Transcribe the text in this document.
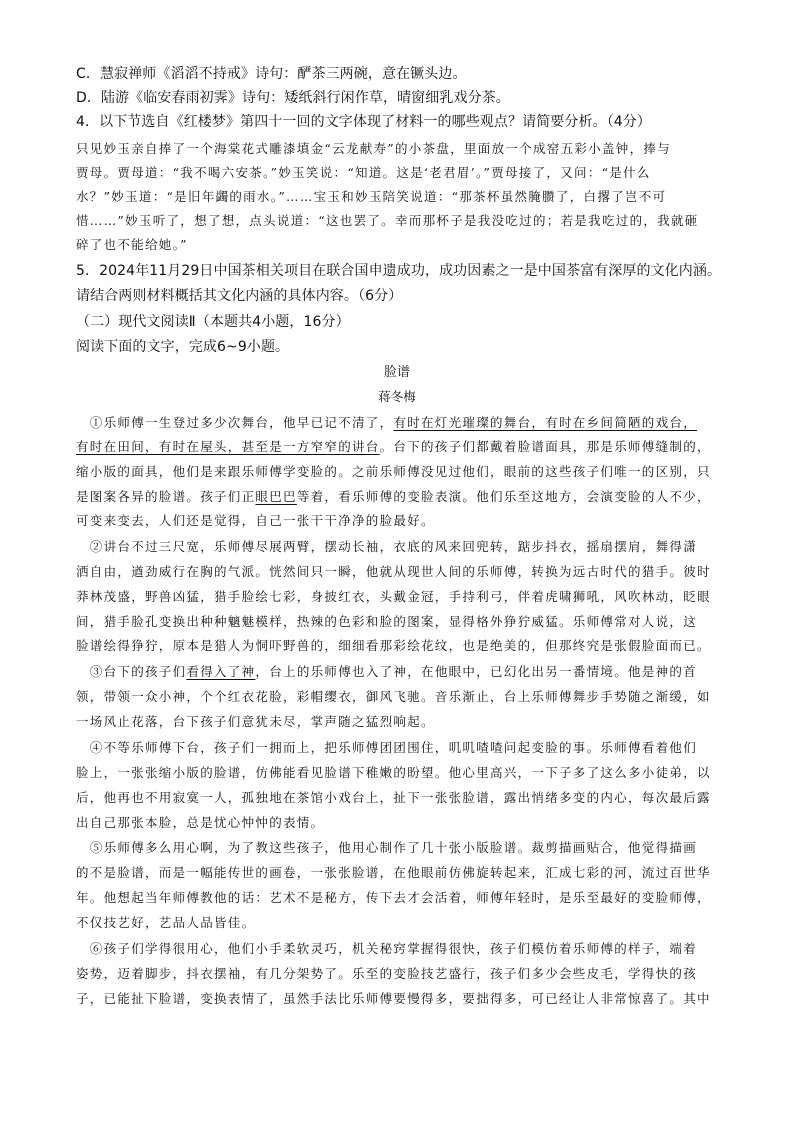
C．慧寂禅师《滔滔不持戒》诗句：酽茶三两碗，意在镢头边。
D．陆游《临安春雨初霁》诗句：矮纸斜行闲作草，晴窗细乳戏分茶。
4．以下节选自《红楼梦》第四十一回的文字体现了材料一的哪些观点？请简要分析。（4分）
只见妙玉亲自捧了一个海棠花式雕漆填金“云龙献寿”的小茶盘，里面放一个成窑五彩小盖钟，捧与
贾母。贾母道：“我不喝六安茶。”妙玉笑说：“知道。这是‘老君眉’。”贾母接了，又问：“是什么
水？”妙玉道：“是旧年蠲的雨水。”……宝玉和妙玉陪笑说道：“那茶杯虽然腌臜了，白撂了岂不可
惜……”妙玉听了，想了想，点头说道：“这也罢了。幸而那杯子是我没吃过的；若是我吃过的，我就砸
碎了也不能给她。”
5．2024年11月29日中国茶相关项目在联合国申遗成功，成功因素之一是中国茶富有深厚的文化内涵。
请结合两则材料概括其文化内涵的具体内容。（6分）
（二）现代文阅读Ⅱ（本题共4小题，16分）
阅读下面的文字，完成6~9小题。
脸谱
蒋冬梅
　①乐师傅一生登过多少次舞台，他早已记不清了，有时在灯光璀璨的舞台，有时在乡间简陋的戏台，
有时在田间，有时在屋头，甚至是一方窄窄的讲台。台下的孩子们都戴着脸谱面具，那是乐师傅缝制的，
缩小版的面具，他们是来跟乐师傅学变脸的。之前乐师傅没见过他们，眼前的这些孩子们唯一的区别，只
是图案各异的脸谱。孩子们正眼巴巴等着，看乐师傅的变脸表演。他们乐至这地方，会演变脸的人不少，
可变来变去，人们还是觉得，自己一张干干净净的脸最好。
　②讲台不过三尺宽，乐师傅尽展两臂，摆动长袖，衣底的风来回兜转，踮步抖衣，摇扇摆肩，舞得潇
洒自由，遒劲威行在胸的气派。恍然间只一瞬，他就从现世人间的乐师傅，转换为远古时代的猎手。彼时
莽林茂盛，野兽凶猛，猎手脸绘七彩，身披红衣，头戴金冠，手持利弓，伴着虎啸狮吼，风吹林动，眨眼
间，猎手脸孔变换出种种魑魅模样，热辣的色彩和脸的图案，显得格外狰狞威猛。乐师傅常对人说，这
脸谱绘得狰狞，原本是猎人为恫吓野兽的，细细看那彩绘花纹，也是绝美的，但那终究是张假脸面而已。
　③台下的孩子们看得入了神，台上的乐师傅也入了神，在他眼中，已幻化出另一番情境。他是神的首
领，带领一众小神，个个红衣花脸，彩帽缨衣，御风飞驰。音乐渐止，台上乐师傅舞步手势随之渐缓，如
一场风止花落，台下孩子们意犹未尽，掌声随之猛烈响起。
　④不等乐师傅下台，孩子们一拥而上，把乐师傅团团围住，叽叽喳喳问起变脸的事。乐师傅看着他们
脸上，一张张缩小版的脸谱，仿佛能看见脸谱下稚嫩的盼望。他心里高兴，一下子多了这么多小徒弟，以
后，他再也不用寂寞一人，孤独地在茶馆小戏台上，扯下一张张脸谱，露出悄绪多变的内心，每次最后露
出自己那张本脸，总是忧心忡忡的表情。
　⑤乐师傅多么用心啊，为了教这些孩子，他用心制作了几十张小版脸谱。裁剪描画贴合，他觉得描画
的不是脸谱，而是一幅能传世的画卷，一张张脸谱，在他眼前仿佛旋转起来，汇成七彩的河，流过百世华
年。他想起当年师傅教他的话：艺术不是秘方，传下去才会活着，师傅年轻时，是乐至最好的变脸师傅，
不仅技艺好，艺品人品皆佳。
　⑥孩子们学得很用心，他们小手柔软灵巧，机关秘窍掌握得很快，孩子们模仿着乐师傅的样子，端着
姿势，迈着脚步，抖衣摆袖，有几分架势了。乐至的变脸技艺盛行，孩子们多少会些皮毛，学得快的孩
子，已能扯下脸谱，变换表情了，虽然手法比乐师傅要慢得多，要拙得多，可已经让人非常惊喜了。其中
